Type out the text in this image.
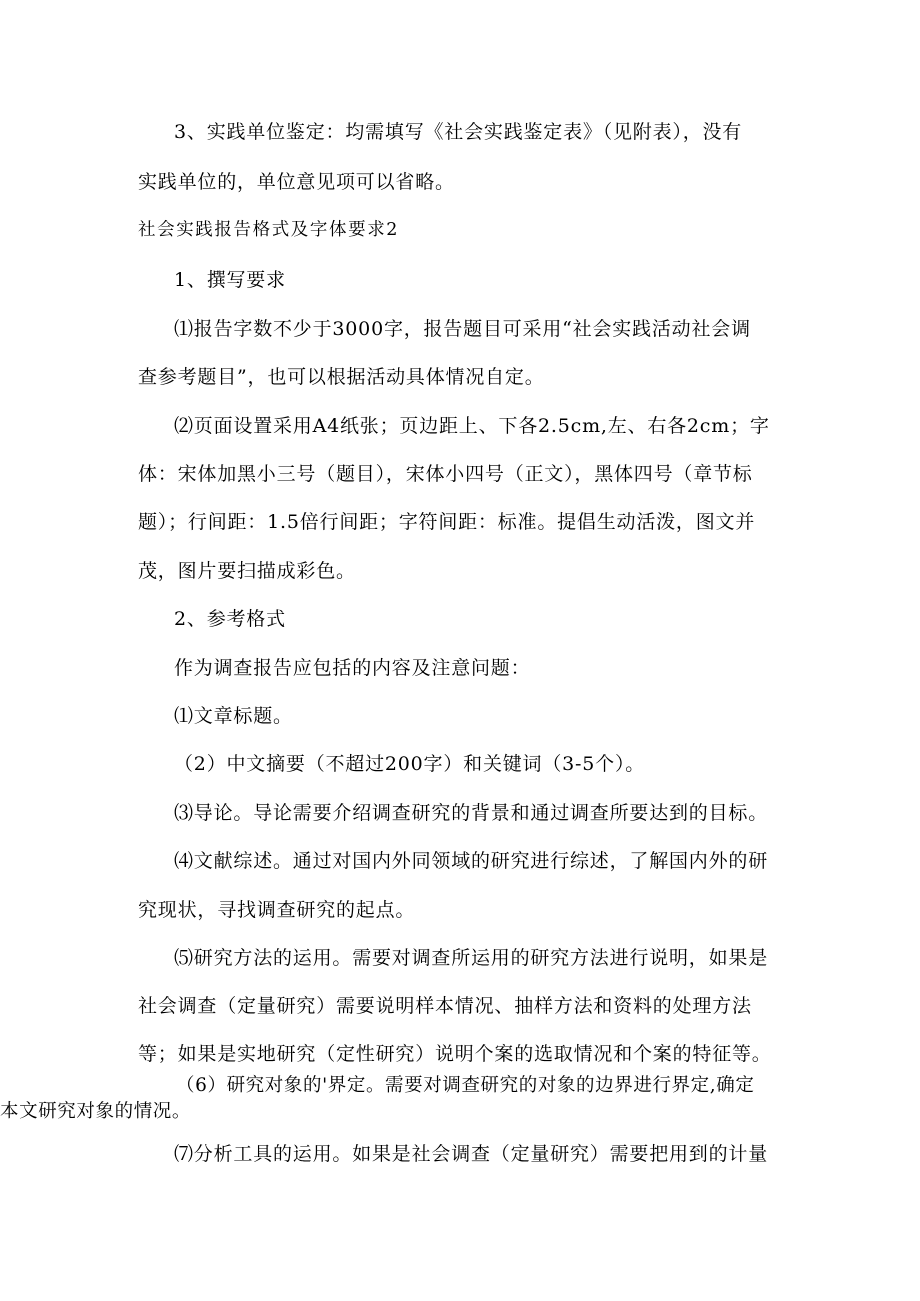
3、实践单位鉴定：均需填写《社会实践鉴定表》（见附表），没有
实践单位的，单位意见项可以省略。
社会实践报告格式及字体要求2
1、撰写要求
⑴报告字数不少于3000字，报告题目可采用“社会实践活动社会调
查参考题目”，也可以根据活动具体情况自定。
⑵页面设置采用A4纸张；页边距上、下各2.5cm,左、右各2cm；字
体：宋体加黑小三号（题目），宋体小四号（正文），黑体四号（章节标
题）；行间距：1.5倍行间距；字符间距：标准。提倡生动活泼，图文并
茂，图片要扫描成彩色。
2、参考格式
作为调查报告应包括的内容及注意问题：
⑴文章标题。
（2）中文摘要（不超过200字）和关键词（3-5个）。
⑶导论。导论需要介绍调查研究的背景和通过调查所要达到的目标。
⑷文献综述。通过对国内外同领域的研究进行综述，了解国内外的研
究现状，寻找调查研究的起点。
⑸研究方法的运用。需要对调查所运用的研究方法进行说明，如果是
社会调查（定量研究）需要说明样本情况、抽样方法和资料的处理方法
等；如果是实地研究（定性研究）说明个案的选取情况和个案的特征等。
（6）研究对象的'界定。需要对调查研究的对象的边界进行界定,确定
本文研究对象的情况。
⑺分析工具的运用。如果是社会调查（定量研究）需要把用到的计量
